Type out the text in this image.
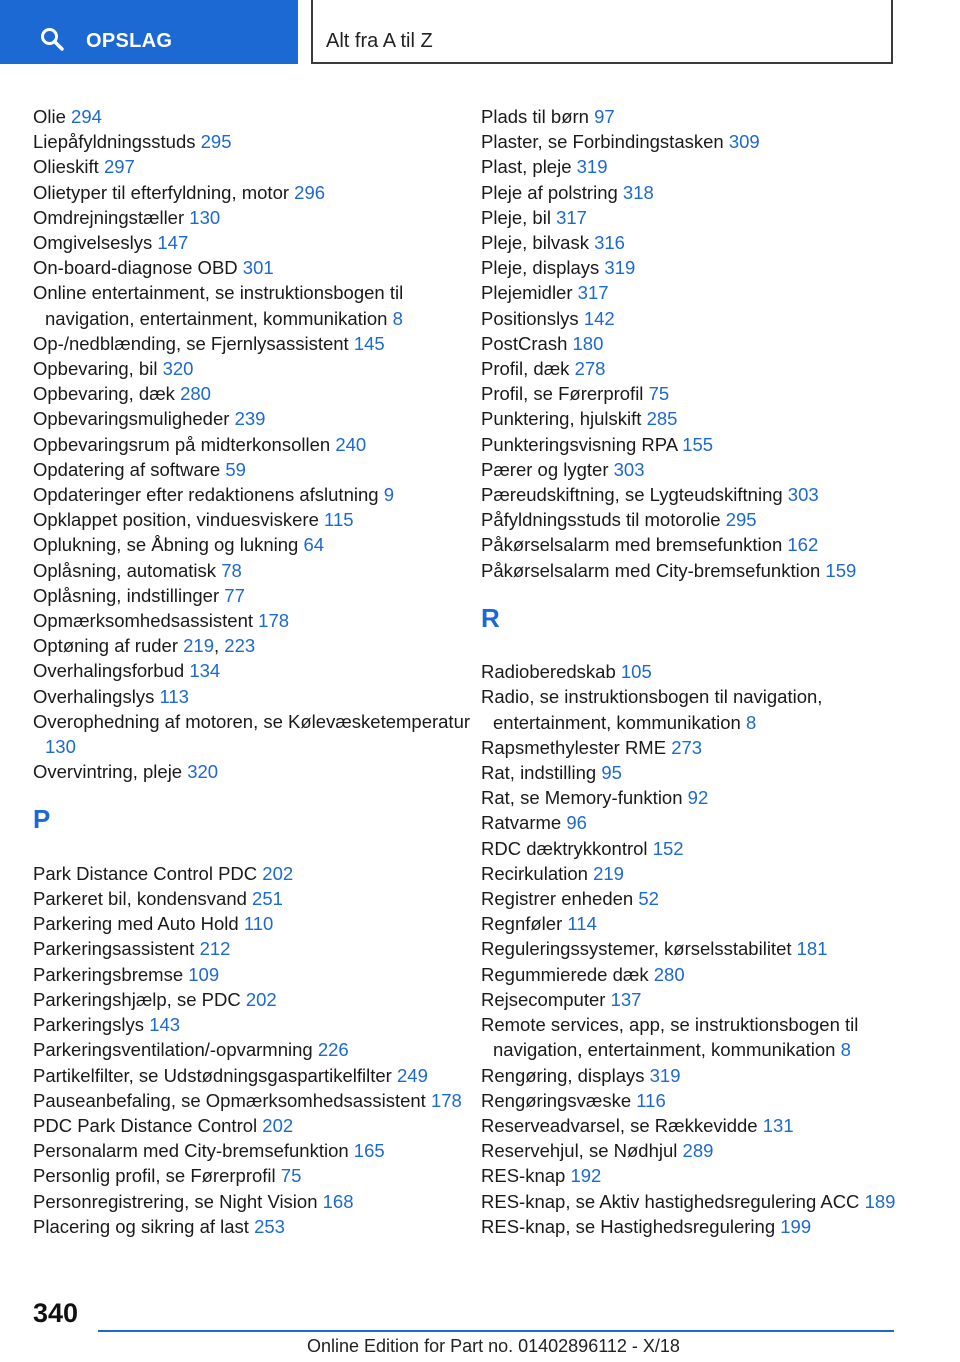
OPSLAG	Alt fra A til Z
Olie 294
Liepåfyldningsstuds 295
Olieskift 297
Olietyper til efterfyldning, motor 296
Omdrejningstæller 130
Omgivelseslys 147
On-board-diagnose OBD 301
Online entertainment, se instruktionsbogen til navigation, entertainment, kommunikation 8
Op-/nedblænding, se Fjernlysassistent 145
Opbevaring, bil 320
Opbevaring, dæk 280
Opbevaringsmuligheder 239
Opbevaringsrum på midterkonsollen 240
Opdatering af software 59
Opdateringer efter redaktionens afslutning 9
Opklappet position, vinduesviskere 115
Oplukning, se Åbning og lukning 64
Oplåsning, automatisk 78
Oplåsning, indstillinger 77
Opmærksomhedsassistent 178
Optøning af ruder 219, 223
Overhalingsforbud 134
Overhalingslys 113
Overophedning af motoren, se Kølevæsketemperatur 130
Overvintring, pleje 320
P
Park Distance Control PDC 202
Parkeret bil, kondensvand 251
Parkering med Auto Hold 110
Parkeringsassistent 212
Parkeringsbremse 109
Parkeringshjælp, se PDC 202
Parkeringslys 143
Parkeringsventilation/-opvarmning 226
Partikelfilter, se Udstødningsgaspartikelfilter 249
Pauseanbefaling, se Opmærksomhedsassistent 178
PDC Park Distance Control 202
Personalarm med City-bremsefunktion 165
Personlig profil, se Førerprofil 75
Personregistrering, se Night Vision 168
Placering og sikring af last 253
Plads til børn 97
Plaster, se Forbindingstasken 309
Plast, pleje 319
Pleje af polstring 318
Pleje, bil 317
Pleje, bilvask 316
Pleje, displays 319
Plejemidler 317
Positionslys 142
PostCrash 180
Profil, dæk 278
Profil, se Førerprofil 75
Punktering, hjulskift 285
Punkteringsvisning RPA 155
Pærer og lygter 303
Pæreudskiftning, se Lygteudskiftning 303
Påfyldningsstuds til motorolie 295
Påkørselsalarm med bremsefunktion 162
Påkørselsalarm med City-bremsefunktion 159
R
Radioberedskab 105
Radio, se instruktionsbogen til navigation, entertainment, kommunikation 8
Rapsmethylester RME 273
Rat, indstilling 95
Rat, se Memory-funktion 92
Ratvarme 96
RDC dæktrykkontrol 152
Recirkulation 219
Registrer enheden 52
Regnføler 114
Reguleringssystemer, kørselsstabilitet 181
Regummierede dæk 280
Rejsecomputer 137
Remote services, app, se instruktionsbogen til navigation, entertainment, kommunikation 8
Rengøring, displays 319
Rengøringsvæske 116
Reserveadvarsel, se Rækkevidde 131
Reservehjul, se Nødhjul 289
RES-knap 192
RES-knap, se Aktiv hastighedsregulering ACC 189
RES-knap, se Hastighedsregulering 199
340
Online Edition for Part no. 01402896112 - X/18
